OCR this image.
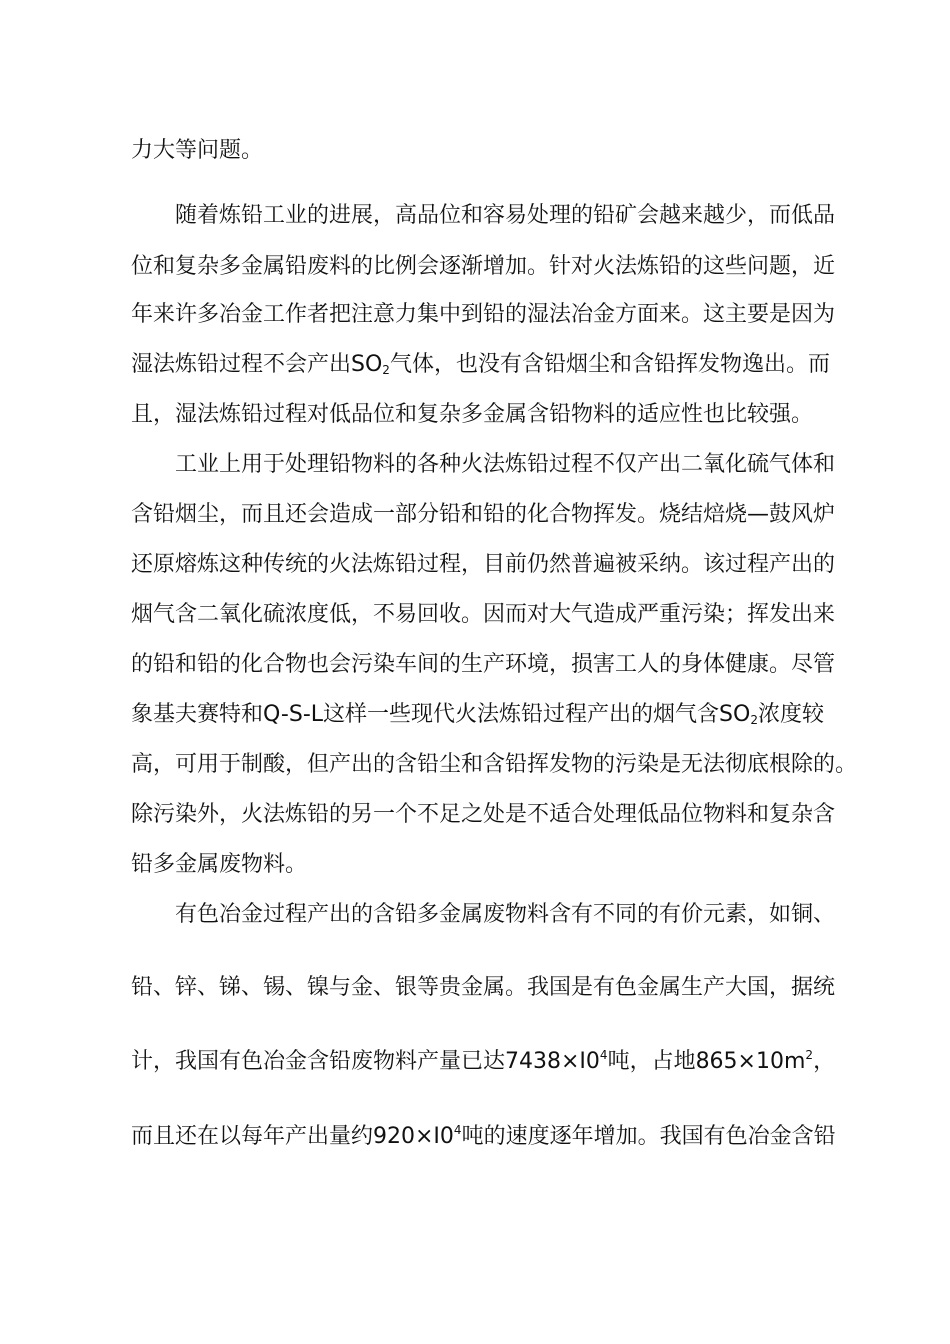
力大等问题。
随着炼铅工业的进展，高品位和容易处理的铅矿会越来越少，而低品
位和复杂多金属铅废料的比例会逐渐增加。针对火法炼铅的这些问题，近
年来许多冶金工作者把注意力集中到铅的湿法冶金方面来。这主要是因为
湿法炼铅过程不会产出$SO_2$气体，也没有含铅烟尘和含铅挥发物逸出。而
且，湿法炼铅过程对低品位和复杂多金属含铅物料的适应性也比较强。
工业上用于处理铅物料的各种火法炼铅过程不仅产出二氧化硫气体和
含铅烟尘，而且还会造成一部分铅和铅的化合物挥发。烧结焙烧—鼓风炉
还原熔炼这种传统的火法炼铅过程，目前仍然普遍被采纳。该过程产出的
烟气含二氧化硫浓度低，不易回收。因而对大气造成严重污染；挥发出来
的铅和铅的化合物也会污染车间的生产环境，损害工人的身体健康。尽管
象基夫赛特和Q-S-L这样一些现代火法炼铅过程产出的烟气含$SO_2$浓度较
高，可用于制酸，但产出的含铅尘和含铅挥发物的污染是无法彻底根除的。
除污染外，火法炼铅的另一个不足之处是不适合处理低品位物料和复杂含
铅多金属废物料。
有色冶金过程产出的含铅多金属废物料含有不同的有价元素，如铜、
铅、锌、锑、锡、镍与金、银等贵金属。我国是有色金属生产大国，据统
计，我国有色冶金含铅废物料产量已达$7438\times I0^4$吨，占地$865\times 10m^2$，
而且还在以每年产出量约$920\times I0^4$吨的速度逐年增加。我国有色冶金含铅
